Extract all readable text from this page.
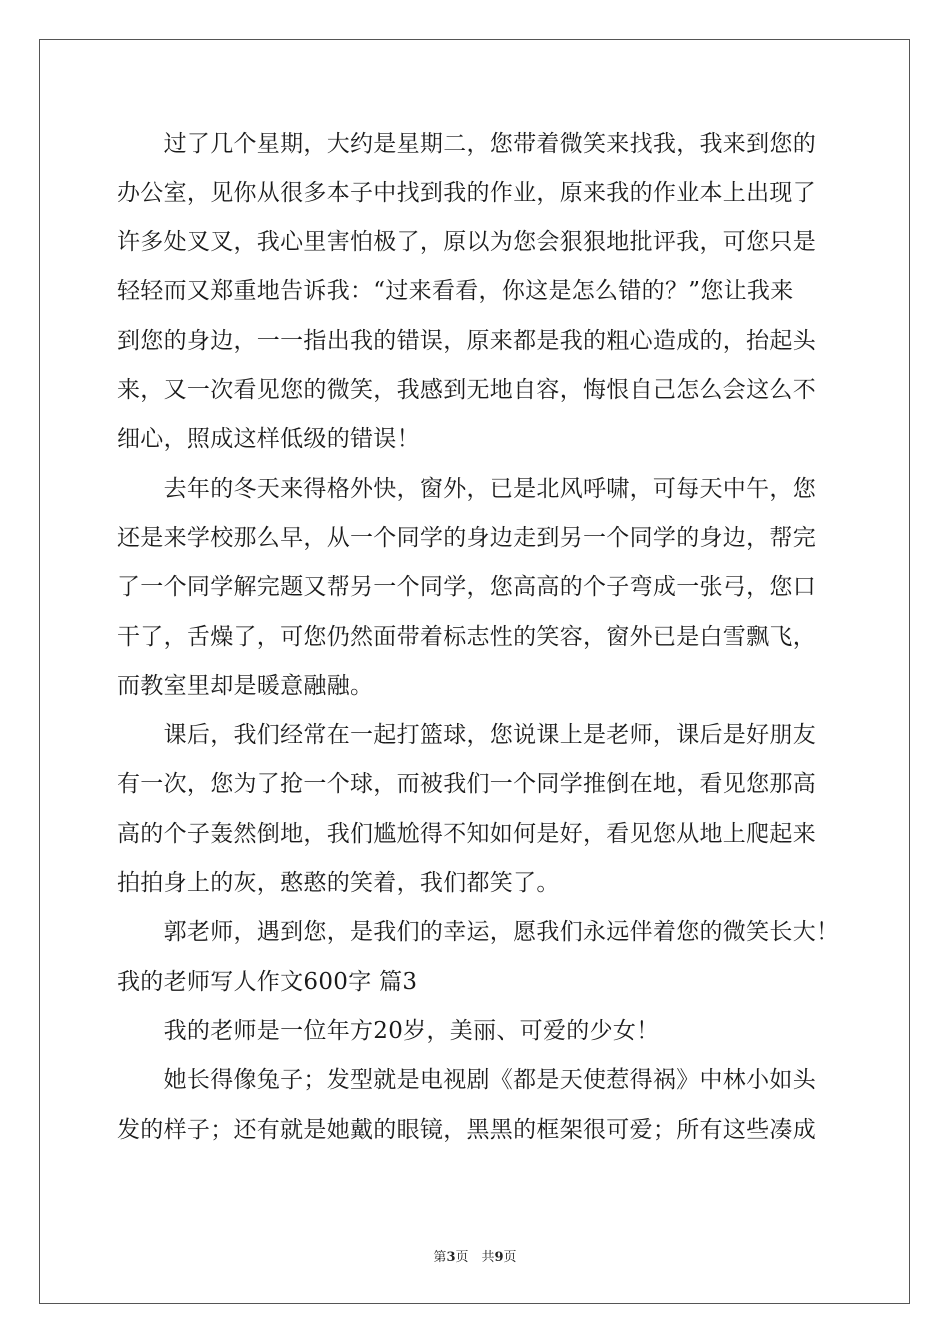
　　过了几个星期，大约是星期二，您带着微笑来找我，我来到您的
办公室，见你从很多本子中找到我的作业，原来我的作业本上出现了
许多处叉叉，我心里害怕极了，原以为您会狠狠地批评我，可您只是
轻轻而又郑重地告诉我：“过来看看，你这是怎么错的？”您让我来
到您的身边，一一指出我的错误，原来都是我的粗心造成的，抬起头
来，又一次看见您的微笑，我感到无地自容，悔恨自己怎么会这么不
细心，照成这样低级的错误！
　　去年的冬天来得格外快，窗外，已是北风呼啸，可每天中午，您
还是来学校那么早，从一个同学的身边走到另一个同学的身边，帮完
了一个同学解完题又帮另一个同学，您高高的个子弯成一张弓，您口
干了，舌燥了，可您仍然面带着标志性的笑容，窗外已是白雪飘飞，
而教室里却是暖意融融。
　　课后，我们经常在一起打篮球，您说课上是老师，课后是好朋友
有一次，您为了抢一个球，而被我们一个同学推倒在地，看见您那高
高的个子轰然倒地，我们尴尬得不知如何是好，看见您从地上爬起来
拍拍身上的灰，憨憨的笑着，我们都笑了。
　　郭老师，遇到您，是我们的幸运，愿我们永远伴着您的微笑长大！
我的老师写人作文600字 篇3
　　我的老师是一位年方20岁，美丽、可爱的少女！
　　她长得像兔子；发型就是电视剧《都是天使惹得祸》中林小如头
发的样子；还有就是她戴的眼镜，黑黑的框架很可爱；所有这些凑成
第3页　共9页
